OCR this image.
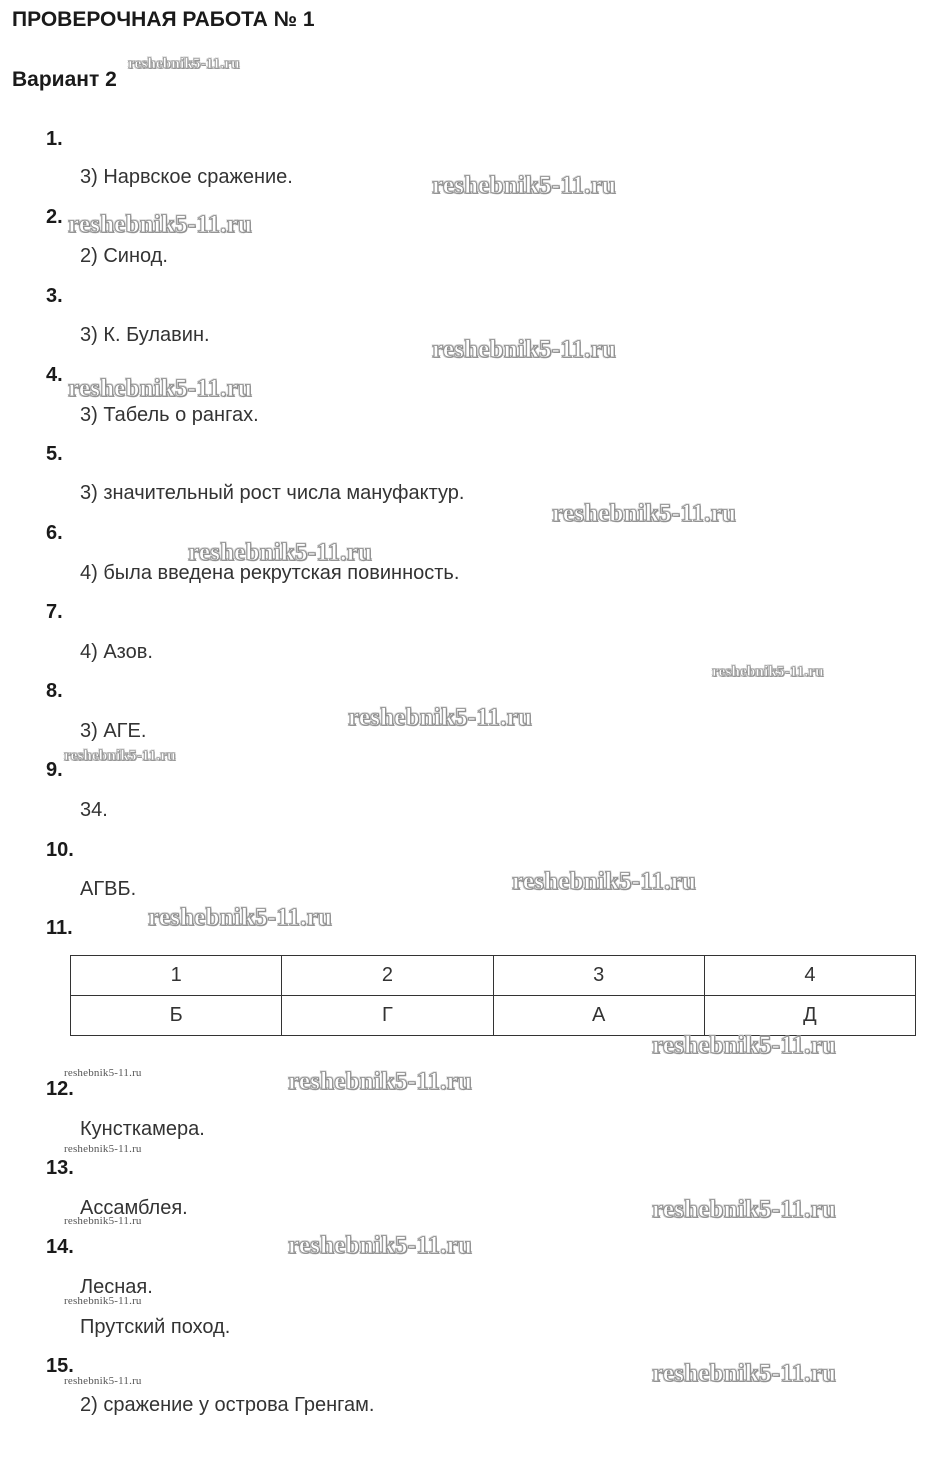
ПРОВЕРОЧНАЯ РАБОТА № 1
Вариант 2
1.
2.
3.
4.
5.
6.
7.
8.
9.
10.
11.
12.
13.
14.
15.
3) Нарвское сражение.
2) Синод.
3) К. Булавин.
3) Табель о рангах.
3) значительный рост числа мануфактур.
4) была введена рекрутская повинность.
4) Азов.
3) АГЕ.
34.
АГВБ.
Кунсткамера.
Ассамблея.
Лесная.
Прутский поход.
2) сражение у острова Гренгам.
1	2	3	4
Б	Г	А	Д
reshebnik5-11.ru
reshebnik5-11.ru
reshebnik5-11.ru
reshebnik5-11.ru
reshebnik5-11.ru
reshebnik5-11.ru
reshebnik5-11.ru
reshebnik5-11.ru
reshebnik5-11.ru
reshebnik5-11.ru
reshebnik5-11.ru
reshebnik5-11.ru
reshebnik5-11.ru
reshebnik5-11.ru	reshebnik5-11.ru
reshebnik5-11.ru
reshebnik5-11.ru
reshebnik5-11.ru
reshebnik5-11.ru
reshebnik5-11.ru
reshebnik5-11.ru
reshebnik5-11.ru
